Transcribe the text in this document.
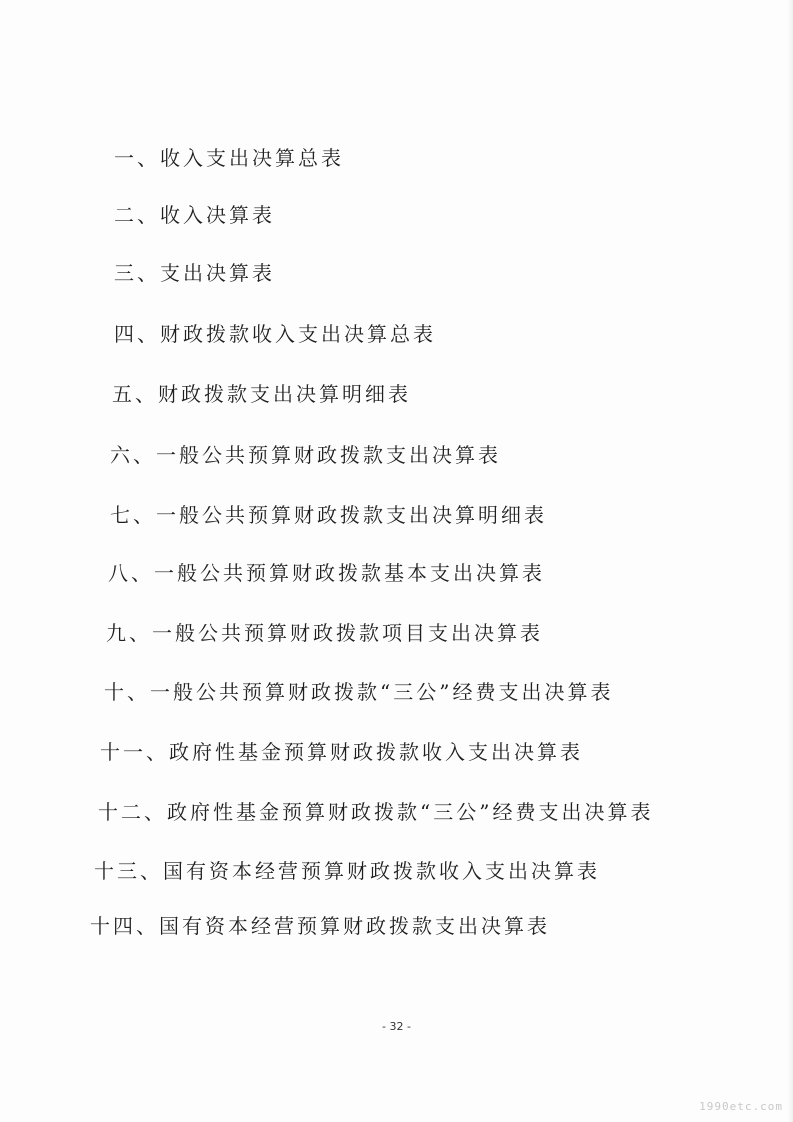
一、收入支出决算总表
二、收入决算表
三、支出决算表
四、财政拨款收入支出决算总表
五、财政拨款支出决算明细表
六、一般公共预算财政拨款支出决算表
七、一般公共预算财政拨款支出决算明细表
八、一般公共预算财政拨款基本支出决算表
九、一般公共预算财政拨款项目支出决算表
十、一般公共预算财政拨款“三公”经费支出决算表
十一、政府性基金预算财政拨款收入支出决算表
十二、政府性基金预算财政拨款“三公”经费支出决算表
十三、国有资本经营预算财政拨款收入支出决算表
十四、国有资本经营预算财政拨款支出决算表
- 32 -
1990etc.com
